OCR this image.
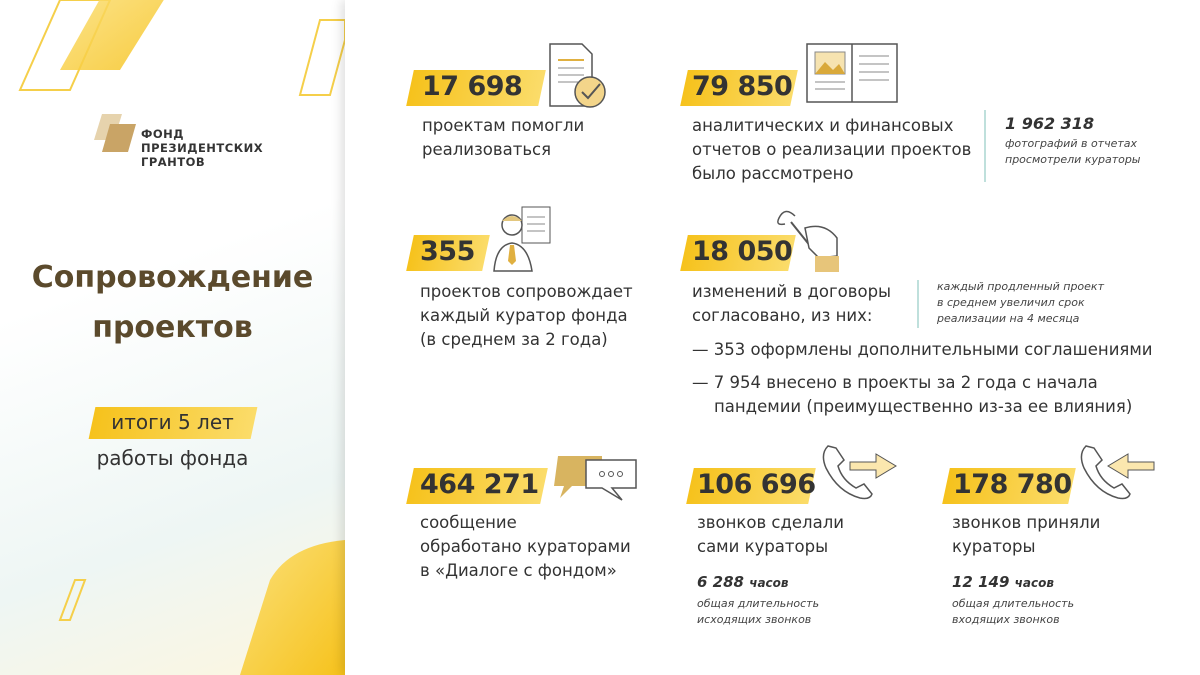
ФОНД
ПРЕЗИДЕНТСКИХ
ГРАНТОВ
Сопровождение
проектов
итоги 5 лет
работы фонда
17 698
проектам помогли
реализоваться
79 850
аналитических и финансовых
отчетов о реализации проектов
было рассмотрено
1 962 318
фотографий в отчетах
просмотрели кураторы
355
проектов сопровождает
каждый куратор фонда
(в среднем за 2 года)
18 050
изменений в договоры
согласовано, из них:
— 353 оформлены дополнительными соглашениями
— 7 954 внесено в проекты за 2 года с начала
пандемии (преимущественно из-за ее влияния)
каждый продленный проект
в среднем увеличил срок
реализации на 4 месяца
464 271
сообщение
обработано кураторами
в «Диалоге с фондом»
106 696
звонков сделали
сами кураторы
6 288 часов
общая длительность
исходящих звонков
178 780
звонков приняли
кураторы
12 149 часов
общая длительность
входящих звонков
